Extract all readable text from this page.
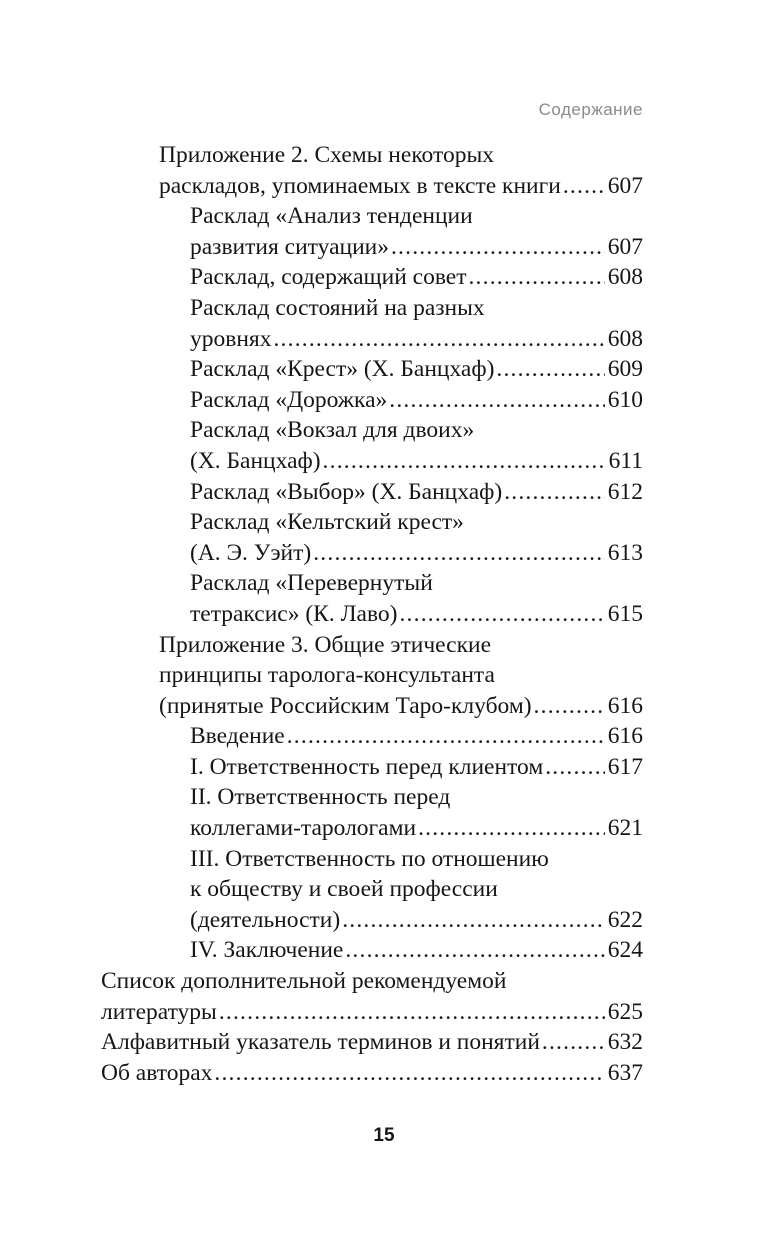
Содержание
Приложение 2. Схемы некоторых
раскладов, упоминаемых в тексте книги ..... 607
Расклад «Анализ тенденции
развития ситуации» .....	607
Расклад, содержащий совет .....	608
Расклад состояний на разных
уровнях .....	608
Расклад «Крест» (Х. Банцхаф) .....	609
Расклад «Дорожка» .....	610
Расклад «Вокзал для двоих»
(Х. Банцхаф) .....	611
Расклад «Выбор» (Х. Банцхаф) .....	612
Расклад «Кельтский крест»
(А. Э. Уэйт) .....	613
Расклад «Перевернутый
тетраксис» (К. Лаво) .....	615
Приложение 3. Общие этические
принципы таролога-консультанта
(принятые Российским Таро-клубом) .....	616
Введение .....	616
I. Ответственность перед клиентом .....	617
II. Ответственность перед
коллегами-тарологами .....	621
III. Ответственность по отношению
к обществу и своей профессии
(деятельности) .....	622
IV. Заключение .....	624
Список дополнительной рекомендуемой
литературы .....	625
Алфавитный указатель терминов и понятий .....	632
Об авторах .....	637
15
